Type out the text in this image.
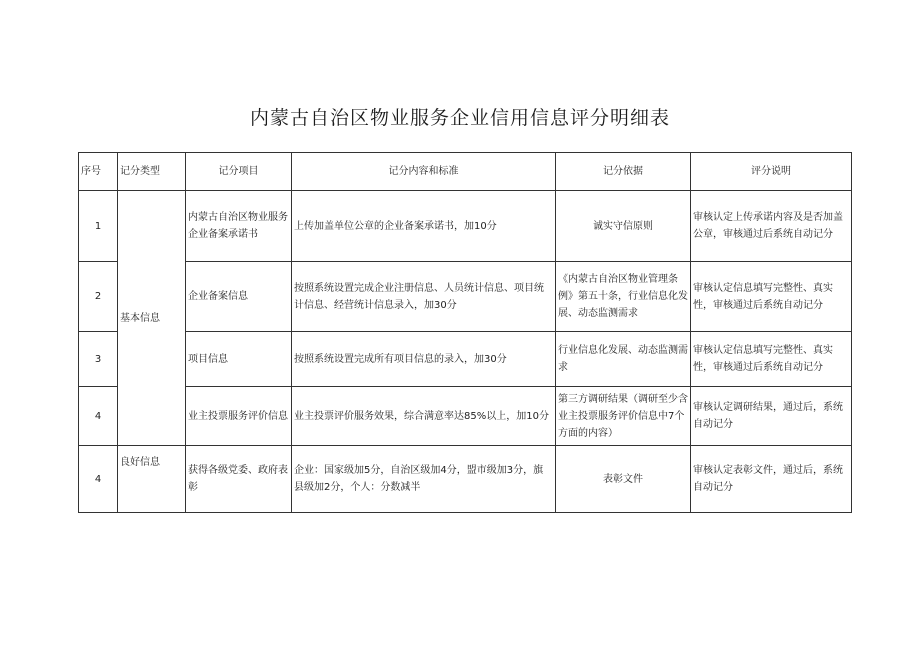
内蒙古自治区物业服务企业信用信息评分明细表
序号	记分类型	记分项目	记分内容和标准	记分依据	评分说明
1	基本信息	内蒙古自治区物业服务企业备案承诺书	上传加盖单位公章的企业备案承诺书，加10分	诚实守信原则	审核认定上传承诺内容及是否加盖公章，审核通过后系统自动记分
2		企业备案信息	按照系统设置完成企业注册信息、人员统计信息、项目统计信息、经营统计信息录入，加30分	《内蒙古自治区物业管理条例》第五十条，行业信息化发展、动态监测需求	审核认定信息填写完整性、真实性，审核通过后系统自动记分
3		项目信息	按照系统设置完成所有项目信息的录入，加30分	行业信息化发展、动态监测需求	审核认定信息填写完整性、真实性，审核通过后系统自动记分
4		业主投票服务评价信息	业主投票评价服务效果，综合满意率达85%以上，加10分	第三方调研结果（调研至少含业主投票服务评价信息中7个方面的内容）	审核认定调研结果，通过后，系统自动记分
4	良好信息	获得各级党委、政府表彰	企业：国家级加5分，自治区级加4分，盟市级加3分，旗县级加2分，个人：分数减半	表彰文件	审核认定表彰文件，通过后，系统自动记分
